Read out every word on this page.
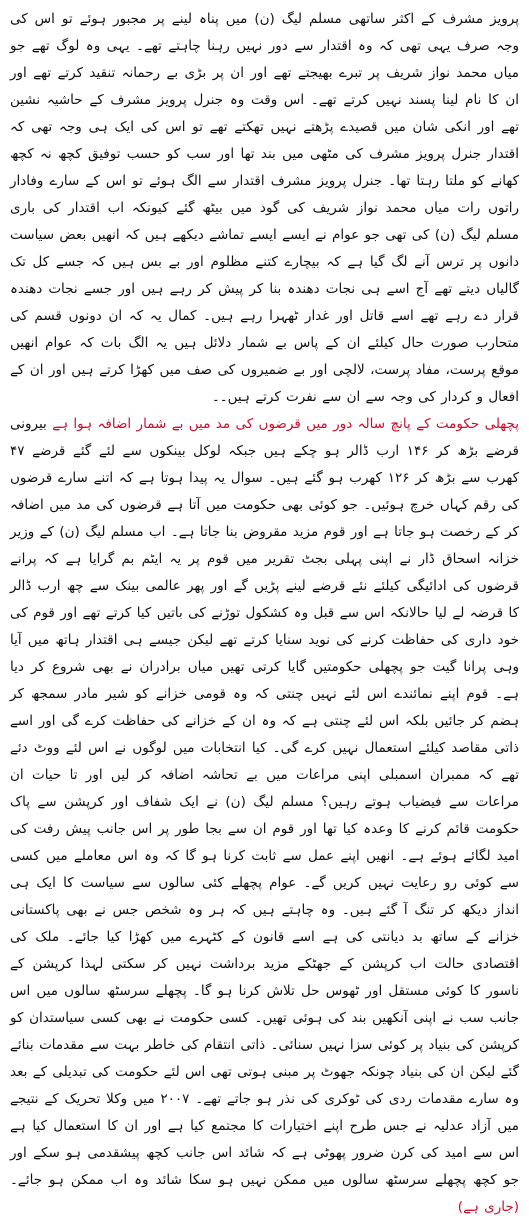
پرویز مشرف کے اکثر ساتھی مسلم لیگ (ن) میں پناہ لینے پر مجبور ہوئے تو اس کی وجہ صرف یہی تھی کہ وہ اقتدار سے دور نہیں رہنا چاہتے تھے۔ یہی وہ لوگ تھے جو میاں محمد نواز شریف پر تبرے بھیجتے تھے اور ان پر بڑی بے رحمانہ تنقید کرتے تھے اور ان کا نام لینا پسند نہیں کرتے تھے۔ اس وقت وہ جنرل پرویز مشرف کے حاشیہ نشین تھے اور انکی شان میں قصیدے پڑھتے نہیں تھکتے تھے تو اس کی ایک ہی وجہ تھی کہ اقتدار جنرل پرویز مشرف کی مٹھی میں بند تھا اور سب کو حسب توفیق کچھ نہ کچھ کھانے کو ملتا رہتا تھا۔ جنرل پرویز مشرف اقتدار سے الگ ہوئے تو اس کے سارے وفادار راتوں رات میاں محمد نواز شریف کی گود میں بیٹھ گئے کیونکہ اب اقتدار کی باری مسلم لیگ (ن) کی تھی جو عوام نے ایسے ایسے تماشے دیکھے ہیں کہ انھیں بعض سیاست دانوں پر ترس آنے لگ گیا ہے کہ بیچارے کتنے مظلوم اور بے بس ہیں کہ جسے کل تک گالیاں دیتے تھے آج اسے ہی نجات دھندہ بنا کر پیش کر رہے ہیں اور جسے نجات دھندہ قرار دے رہے تھے اسے قاتل اور غدار ٹھہرا رہے ہیں۔ کمال یہ کہ ان دونوں قسم کی متحارب صورت حال کیلئے ان کے پاس بے شمار دلائل ہیں یہ الگ بات کہ عوام انھیں موقع پرست، مفاد پرست، لالچی اور بے ضمیروں کی صف میں کھڑا کرتے ہیں اور ان کے افعال و کردار کی وجہ سے ان سے نفرت کرتے ہیں۔۔

پچھلی حکومت کے پانچ سالہ دور میں قرضوں کی مد میں بے شمار اضافہ ہوا ہے بیرونی قرضے بڑھ کر ۱۴۶ ارب ڈالر ہو چکے ہیں جبکہ لوکل بینکوں سے لئے گئے قرضے ۴۷ کھرب سے بڑھ کر ۱۲۶ کھرب ہو گئے ہیں۔ سوال یہ پیدا ہوتا ہے کہ اتنے سارے قرضوں کی رقم کہاں خرچ ہوئیں۔ جو کوئی بھی حکومت میں آتا ہے قرضوں کی مد میں اضافہ کر کے رخصت ہو جاتا ہے اور قوم مزید مقروض بنا جاتا ہے۔ اب مسلم لیگ (ن) کے وزیر خزانہ اسحاق ڈار نے اپنی پہلی بجٹ تقریر میں قوم پر یہ ایٹم بم گرایا ہے کہ پرانے قرضوں کی ادائیگی کیلئے نئے قرضے لینے پڑیں گے اور پھر عالمی بینک سے چھ ارب ڈالر کا قرضہ لے لیا حالانکہ اس سے قبل وہ کشکول توڑنے کی باتیں کیا کرتے تھے اور قوم کی خود داری کی حفاظت کرنے کی نوید سنایا کرتے تھے لیکن جیسے ہی اقتدار ہاتھ میں آیا وہی پرانا گیت جو پچھلی حکومتیں گایا کرتی تھیں میاں برادران نے بھی شروع کر دیا ہے۔ قوم اپنے نمائندے اس لئے نہیں چنتی کہ وہ قومی خزانے کو شیر مادر سمجھ کر ہضم کر جائیں بلکہ اس لئے چنتی ہے کہ وہ ان کے خزانے کی حفاظت کرے گی اور اسے ذاتی مقاصد کیلئے استعمال نہیں کرے گی۔ کیا انتخابات میں لوگوں نے اس لئے ووٹ دئے تھے کہ ممبران اسمبلی اپنی مراعات میں بے تحاشہ اضافہ کر لیں اور تا حیات ان مراعات سے فیضیاب ہوتے رہیں؟ مسلم لیگ (ن) نے ایک شفاف اور کرپشن سے پاک حکومت قائم کرنے کا وعدہ کیا تھا اور قوم ان سے بجا طور پر اس جانب پیش رفت کی امید لگائے ہوئے ہے۔ انھیں اپنے عمل سے ثابت کرنا ہو گا کہ وہ اس معاملے میں کسی سے کوئی رو رعایت نہیں کریں گے۔ عوام پچھلے کئی سالوں سے سیاست کا ایک ہی انداز دیکھ کر تنگ آ گئے ہیں۔ وہ چاہتے ہیں کہ ہر وہ شخص جس نے بھی پاکستانی خزانے کے ساتھ بد دیانتی کی ہے اسے قانون کے کٹہرے میں کھڑا کیا جائے۔ ملک کی اقتصادی حالت اب کرپشن کے جھٹکے مزید برداشت نہیں کر سکتی لہذا کرپشن کے ناسور کا کوئی مستقل اور ٹھوس حل تلاش کرنا ہو گا۔ پچھلے سرسٹھ سالوں میں اس جانب سب نے اپنی آنکھیں بند کی ہوئی تھیں۔ کسی حکومت نے بھی کسی سیاستدان کو کرپشن کی بنیاد پر کوئی سزا نہیں سنائی۔ ذاتی انتقام کی خاطر بہت سے مقدمات بنائے گئے لیکن ان کی بنیاد چونکہ جھوٹ پر مبنی ہوتی تھی اس لئے حکومت کی تبدیلی کے بعد وہ سارے مقدمات ردی کی ٹوکری کی نذر ہو جاتے تھے۔ ۲۰۰۷ میں وکلا تحریک کے نتیجے میں آزاد عدلیہ نے جس طرح اپنے اختیارات کا مجتمع کیا ہے اور ان کا استعمال کیا ہے اس سے امید کی کرن ضرور پھوٹی ہے کہ شائد اس جانب کچھ پیشقدمی ہو سکے اور جو کچھ پچھلے سرسٹھ سالوں میں ممکن نہیں ہو سکا شائد وہ اب ممکن ہو جائے۔ (جاری ہے)
